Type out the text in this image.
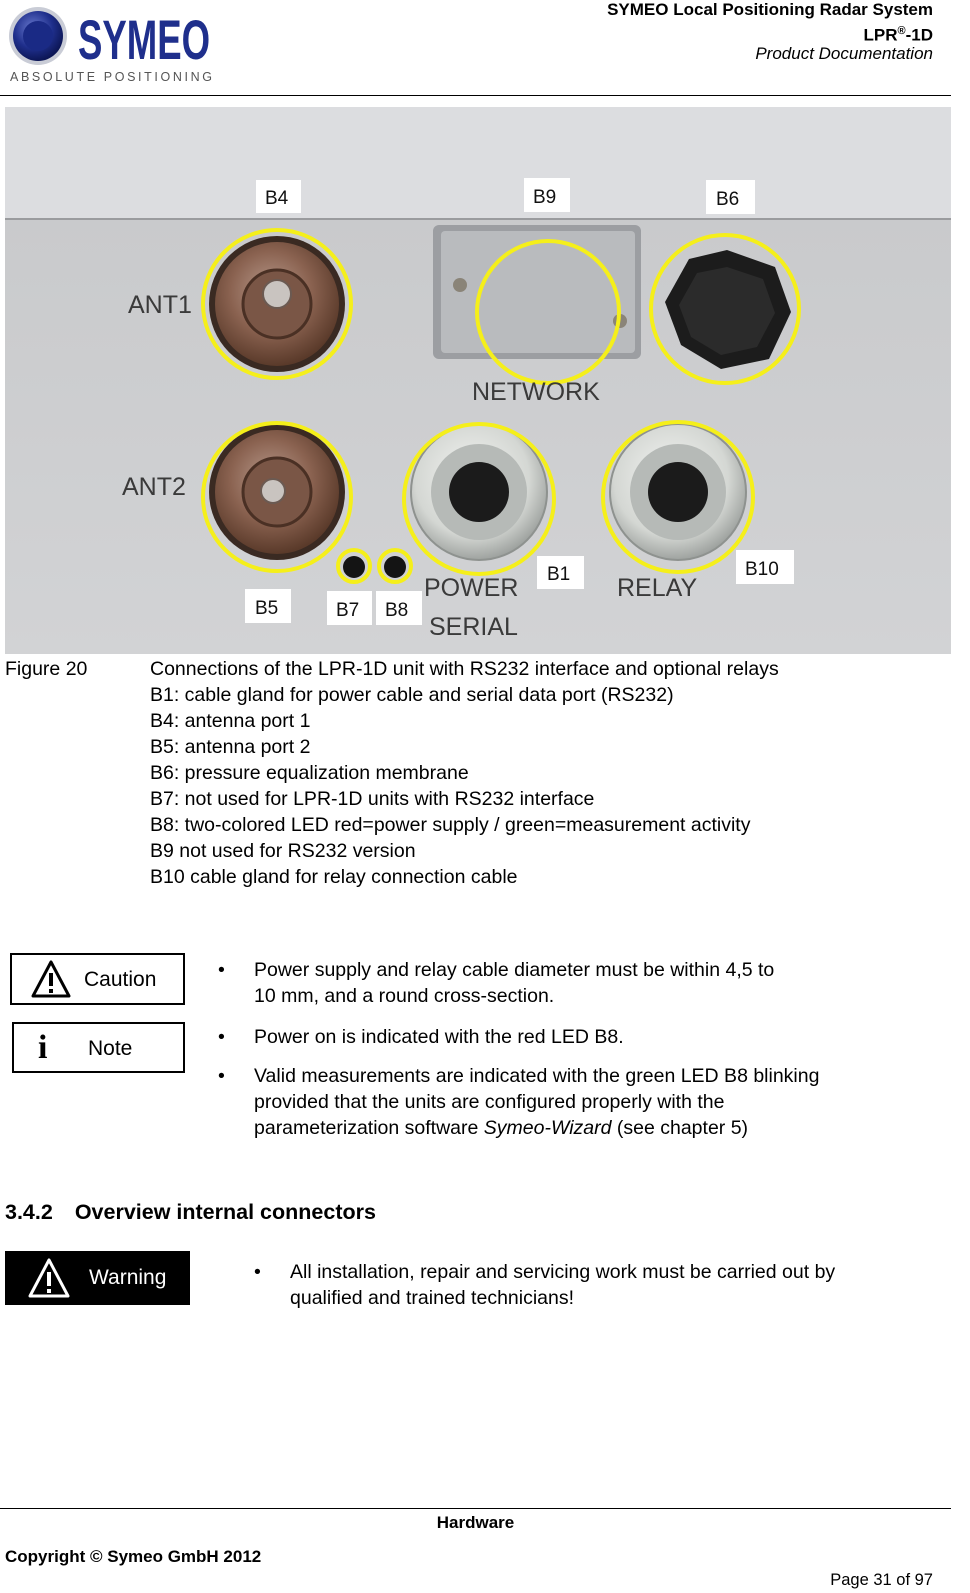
SYMEO
ABSOLUTE POSITIONING
SYMEO Local Positioning Radar System
LPR®-1D
Product Documentation
ANT1
ANT2
NETWORK
POWER
SERIAL
RELAY
B4	B9	B6
B5	B7 B8
B1	B10
Figure 20	Connections of the LPR-1D unit with RS232 interface and optional relays
B1: cable gland for power cable and serial data port (RS232)
B4: antenna port 1
B5: antenna port 2
B6: pressure equalization membrane
B7: not used for LPR-1D units with RS232 interface
B8: two-colored LED red=power supply / green=measurement activity
B9 not used for RS232 version
B10 cable gland for relay connection cable
Caution
i Note
• Power supply and relay cable diameter must be within 4,5 to
10 mm, and a round cross-section.
• Power on is indicated with the red LED B8.
• Valid measurements are indicated with the green LED B8 blinking
provided that the units are configured properly with the
parameterization software Symeo-Wizard (see chapter 5)
3.4.2 Overview internal connectors
Warning	• All installation, repair and servicing work must be carried out by
qualified and trained technicians!
Hardware
Copyright © Symeo GmbH 2012
Page 31 of 97
